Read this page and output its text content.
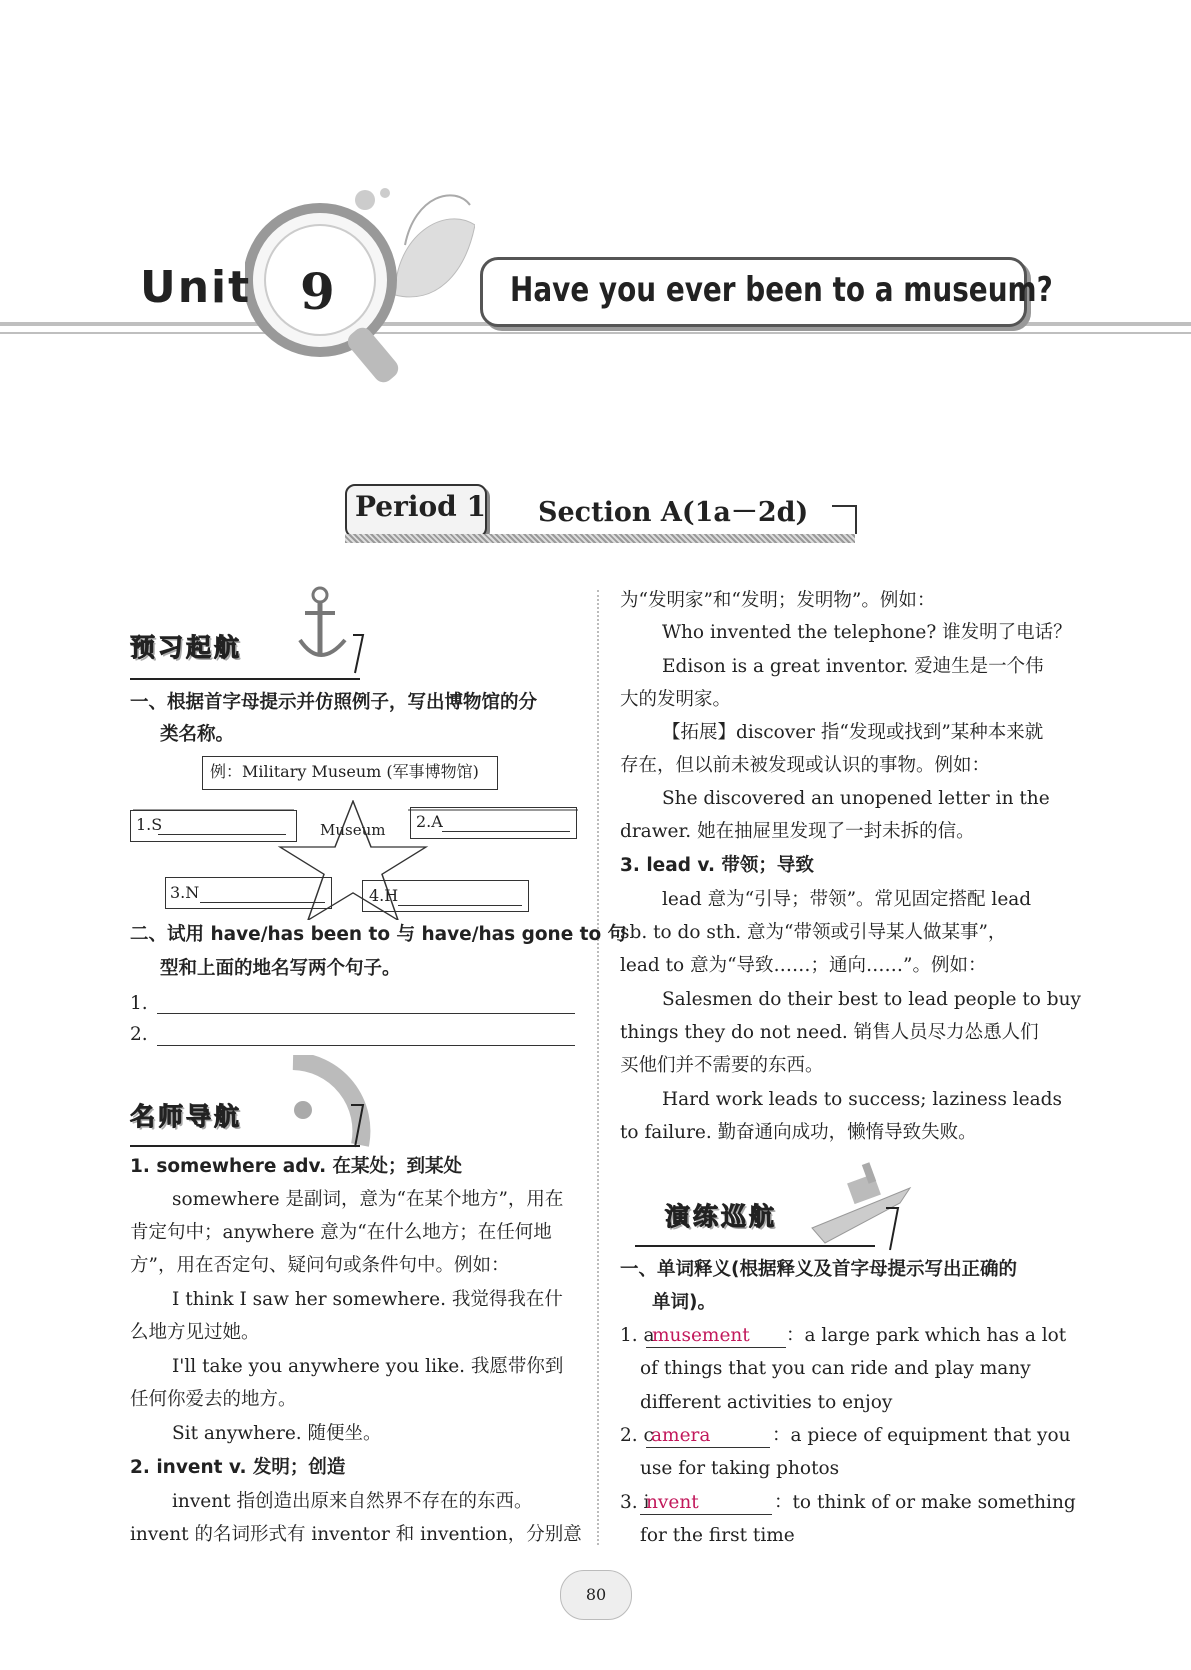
Unit 9	Have you ever been to a museum?
Period 1 Section A(1a－2d)
预习起航
一、根据首字母提示并仿照例子，写出博物馆的分
类名称。
例：Military Museum (军事博物馆)
Museum
1.S	2.A
3.N	4.H
二、试用 have/has been to 与 have/has gone to 句
型和上面的地名写两个句子。
1.
2.
名师导航
1. somewhere adv. 在某处；到某处
somewhere 是副词，意为“在某个地方”，用在
肯定句中；anywhere 意为“在什么地方；在任何地
方”，用在否定句、疑问句或条件句中。例如：
I think I saw her somewhere. 我觉得我在什
么地方见过她。
I'll take you anywhere you like. 我愿带你到
任何你爱去的地方。
Sit anywhere. 随便坐。
2. invent v. 发明；创造
invent 指创造出原来自然界不存在的东西。
invent 的名词形式有 inventor 和 invention，分别意
为“发明家”和“发明；发明物”。例如：
Who invented the telephone? 谁发明了电话？
Edison is a great inventor. 爱迪生是一个伟
大的发明家。
【拓展】discover 指“发现或找到”某种本来就
存在，但以前未被发现或认识的事物。例如：
She discovered an unopened letter in the
drawer. 她在抽屉里发现了一封未拆的信。
3. lead v. 带领；导致
lead 意为“引导；带领”。常见固定搭配 lead
sb. to do sth. 意为“带领或引导某人做某事”，
lead to 意为“导致……；通向……”。例如：
Salesmen do their best to lead people to buy
things they do not need. 销售人员尽力怂恿人们
买他们并不需要的东西。
Hard work leads to success; laziness leads
to failure. 勤奋通向成功，懒惰导致失败。
演练巡航
一、单词释义(根据释义及首字母提示写出正确的
单词)。
1. a
musement ：a large park which has a lot
of things that you can ride and play many
different activities to enjoy
2. c
amera	：a piece of equipment that you
use for taking photos
3. i
nvent	：to think of or make something
for the first time
80
